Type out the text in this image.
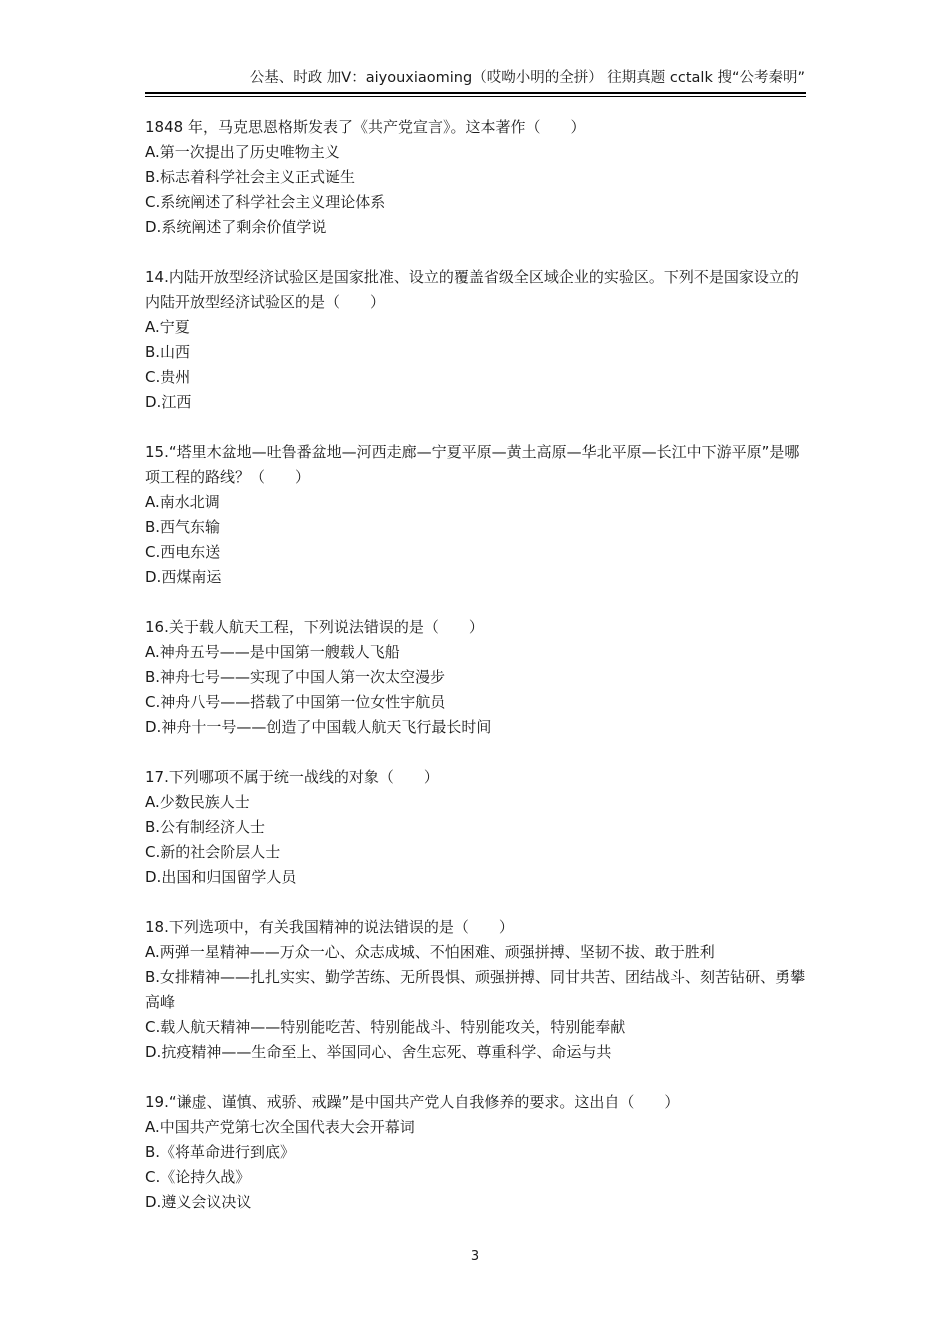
公基、时政 加V：aiyouxiaoming（哎呦小明的全拼） 往期真题 cctalk 搜“公考秦明”
1848 年，马克思恩格斯发表了《共产党宣言》。这本著作（　　）
A.第一次提出了历史唯物主义
B.标志着科学社会主义正式诞生
C.系统阐述了科学社会主义理论体系
D.系统阐述了剩余价值学说
14.内陆开放型经济试验区是国家批准、设立的覆盖省级全区域企业的实验区。下列不是国家设立的内陆开放型经济试验区的是（　　）
A.宁夏
B.山西
C.贵州
D.江西
15.“塔里木盆地—吐鲁番盆地—河西走廊—宁夏平原—黄土高原—华北平原—长江中下游平原”是哪项工程的路线？（　　）
A.南水北调
B.西气东输
C.西电东送
D.西煤南运
16.关于载人航天工程，下列说法错误的是（　　）
A.神舟五号——是中国第一艘载人飞船
B.神舟七号——实现了中国人第一次太空漫步
C.神舟八号——搭载了中国第一位女性宇航员
D.神舟十一号——创造了中国载人航天飞行最长时间
17.下列哪项不属于统一战线的对象（　　）
A.少数民族人士
B.公有制经济人士
C.新的社会阶层人士
D.出国和归国留学人员
18.下列选项中，有关我国精神的说法错误的是（　　）
A.两弹一星精神——万众一心、众志成城、不怕困难、顽强拼搏、坚韧不拔、敢于胜利
B.女排精神——扎扎实实、勤学苦练、无所畏惧、顽强拼搏、同甘共苦、团结战斗、刻苦钻研、勇攀高峰
C.载人航天精神——特别能吃苦、特别能战斗、特别能攻关，特别能奉献
D.抗疫精神——生命至上、举国同心、舍生忘死、尊重科学、命运与共
19.“谦虚、谨慎、戒骄、戒躁”是中国共产党人自我修养的要求。这出自（　　）
A.中国共产党第七次全国代表大会开幕词
B.《将革命进行到底》
C.《论持久战》
D.遵义会议决议
3
